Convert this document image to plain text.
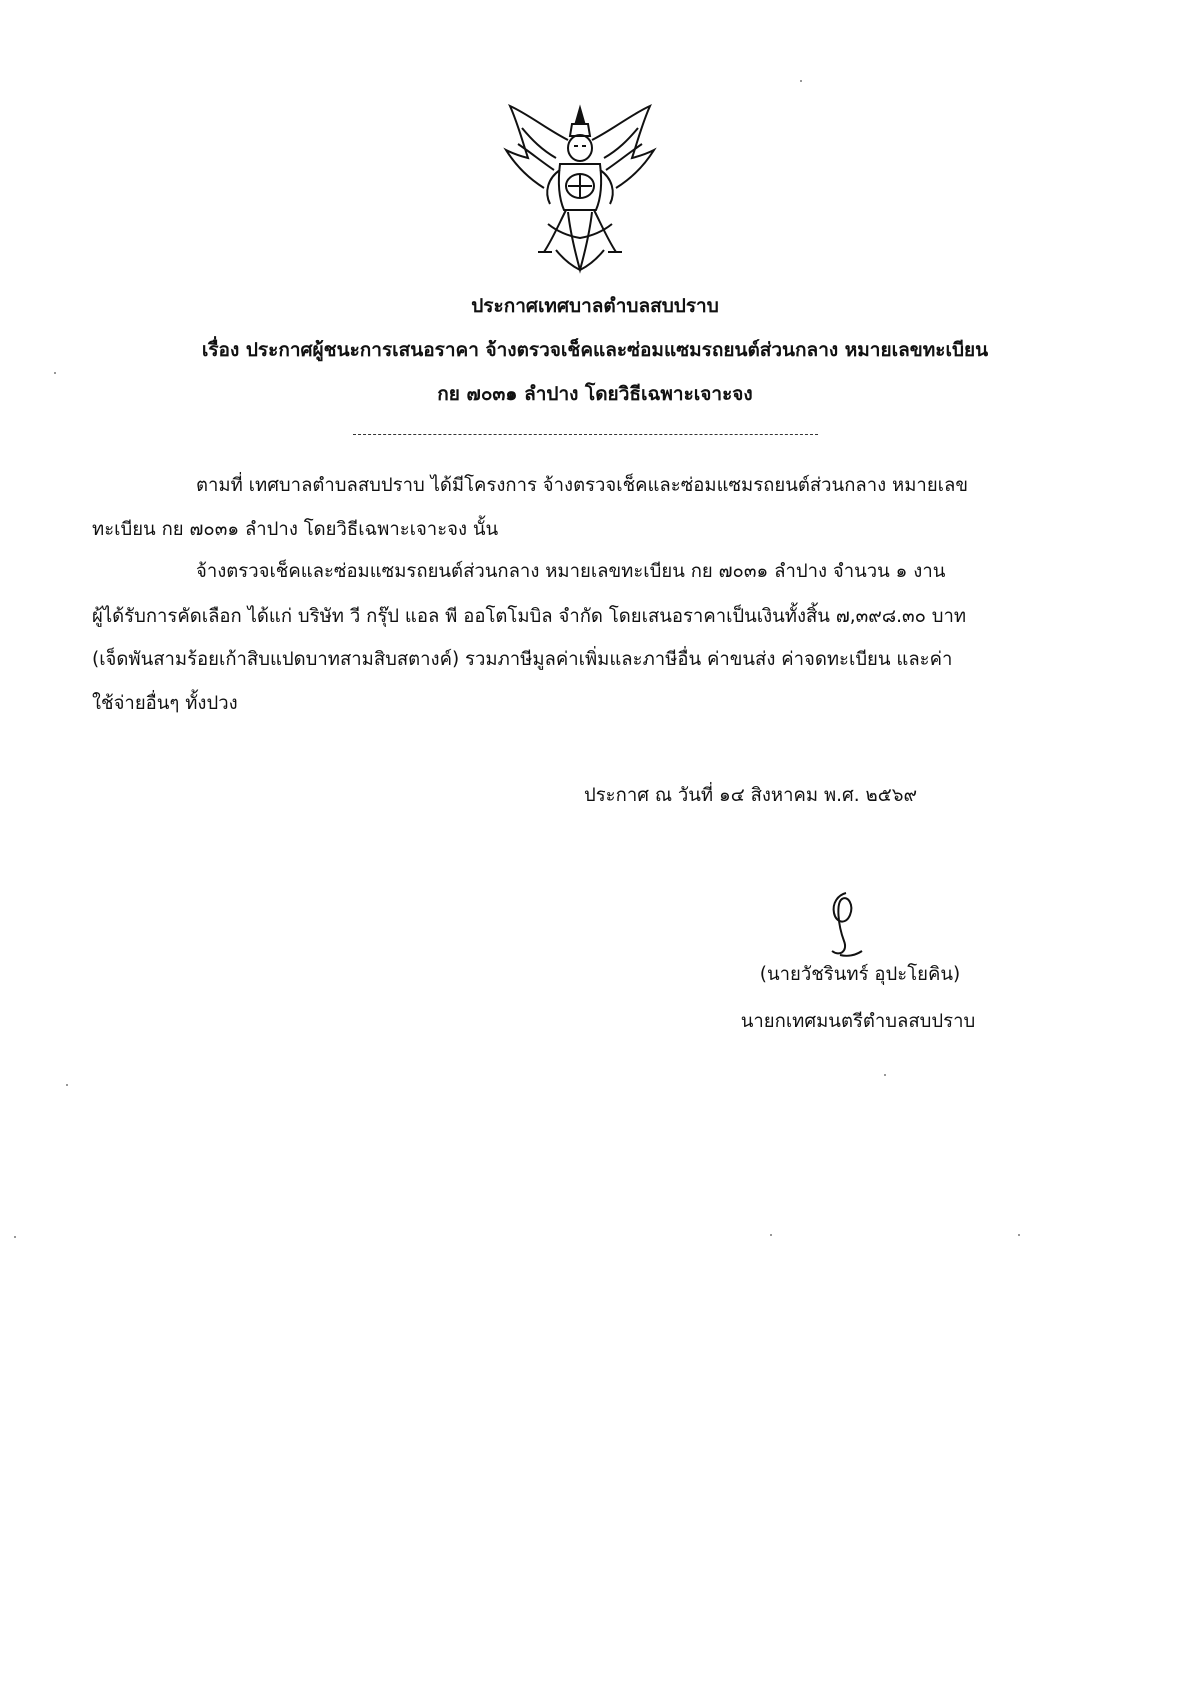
ประกาศเทศบาลตำบลสบปราบ
เรื่อง ประกาศผู้ชนะการเสนอราคา จ้างตรวจเช็คและซ่อมแซมรถยนต์ส่วนกลาง หมายเลขทะเบียน
กย ๗๐๓๑ ลำปาง โดยวิธีเฉพาะเจาะจง
ตามที่ เทศบาลตำบลสบปราบ ได้มีโครงการ จ้างตรวจเช็คและซ่อมแซมรถยนต์ส่วนกลาง หมายเลข
ทะเบียน กย ๗๐๓๑ ลำปาง โดยวิธีเฉพาะเจาะจง นั้น
จ้างตรวจเช็คและซ่อมแซมรถยนต์ส่วนกลาง หมายเลขทะเบียน กย ๗๐๓๑ ลำปาง จำนวน ๑ งาน
ผู้ได้รับการคัดเลือก ได้แก่ บริษัท วี กรุ๊ป แอล พี ออโตโมบิล จำกัด โดยเสนอราคาเป็นเงินทั้งสิ้น ๗,๓๙๘.๓๐ บาท
(เจ็ดพันสามร้อยเก้าสิบแปดบาทสามสิบสตางค์) รวมภาษีมูลค่าเพิ่มและภาษีอื่น ค่าขนส่ง ค่าจดทะเบียน และค่า
ใช้จ่ายอื่นๆ ทั้งปวง
ประกาศ ณ วันที่ ๑๔ สิงหาคม พ.ศ. ๒๕๖๙
(นายวัชรินทร์ อุปะโยคิน)
นายกเทศมนตรีตำบลสบปราบ
